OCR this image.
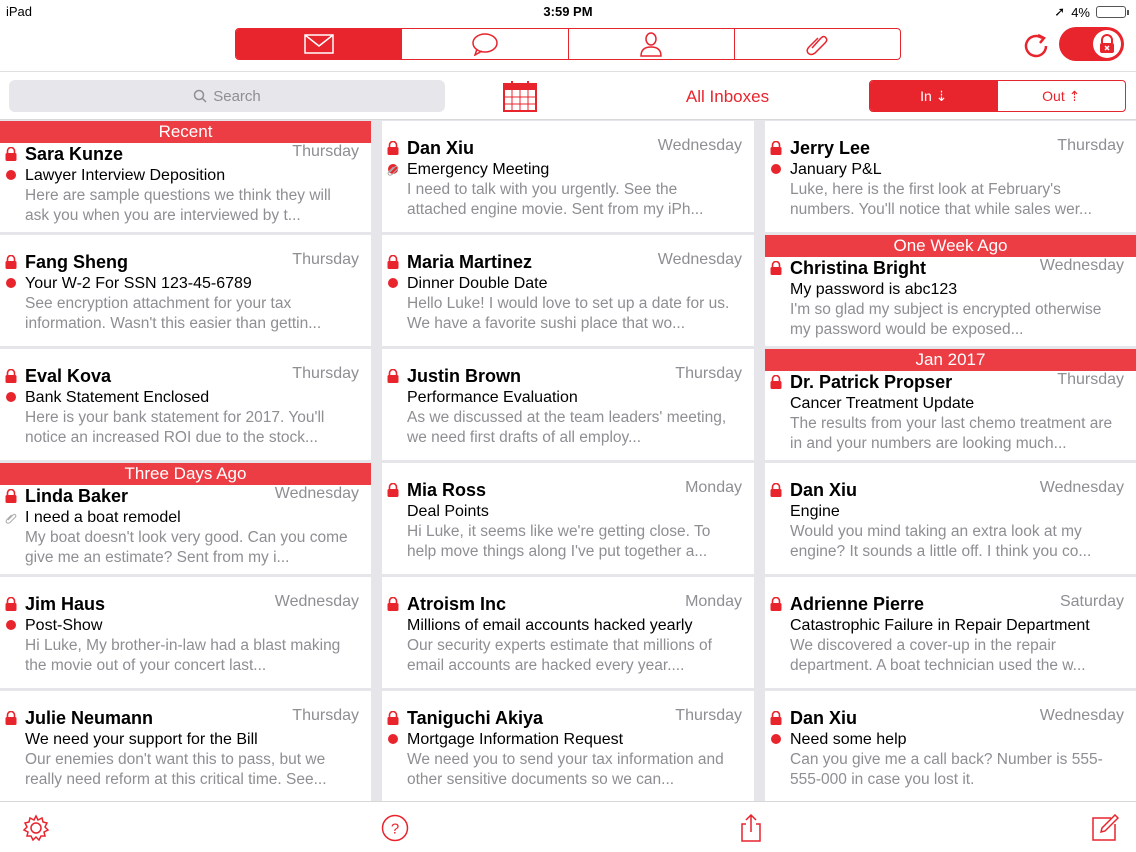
iPad	3:59 PM	➚ 4%
Search	All Inboxes	In ⇣	Out ⇡
Recent
Thursday
Sara Kunze
Lawyer Interview Deposition
Here are sample questions we think they will ask you when you are interviewed by t...
Thursday
Fang Sheng
Your W-2 For SSN 123-45-6789
See encryption attachment for your tax information. Wasn't this easier than gettin...
Thursday
Eval Kova
Bank Statement Enclosed
Here is your bank statement for 2017. You'll notice an increased ROI due to the stock...
Three Days Ago
Wednesday
Linda Baker
I need a boat remodel
My boat doesn't look very good. Can you come give me an estimate? Sent from my i...
Wednesday
Jim Haus
Post-Show
Hi Luke, My brother-in-law had a blast making the movie out of your concert last...
Thursday
Julie Neumann
We need your support for the Bill
Our enemies don't want this to pass, but we really need reform at this critical time. See...
Wednesday
Dan Xiu
Emergency Meeting
I need to talk with you urgently. See the attached engine movie. Sent from my iPh...
Wednesday
Maria Martinez
Dinner Double Date
Hello Luke! I would love to set up a date for us. We have a favorite sushi place that wo...
Thursday
Justin Brown
Performance Evaluation
As we discussed at the team leaders' meeting, we need first drafts of all employ...
Monday
Mia Ross
Deal Points
Hi Luke, it seems like we're getting close. To help move things along I've put together a...
Monday
Atroism Inc
Millions of email accounts hacked yearly
Our security experts estimate that millions of email accounts are hacked every year....
Thursday
Taniguchi Akiya
Mortgage Information Request
We need you to send your tax information and other sensitive documents so we can...
Thursday
Jerry Lee
January P&L
Luke, here is the first look at February's numbers. You'll notice that while sales wer...
One Week Ago
Wednesday
Christina Bright
My password is abc123
I'm so glad my subject is encrypted otherwise my password would be exposed...
Jan 2017
Thursday
Dr. Patrick Propser
Cancer Treatment Update
The results from your last chemo treatment are in and your numbers are looking much...
Wednesday
Dan Xiu
Engine
Would you mind taking an extra look at my engine? It sounds a little off. I think you co...
Saturday
Adrienne Pierre
Catastrophic Failure in Repair Department
We discovered a cover-up in the repair department. A boat technician used the w...
Wednesday
Dan Xiu
Need some help
Can you give me a call back? Number is 555-555-000 in case you lost it.
?
